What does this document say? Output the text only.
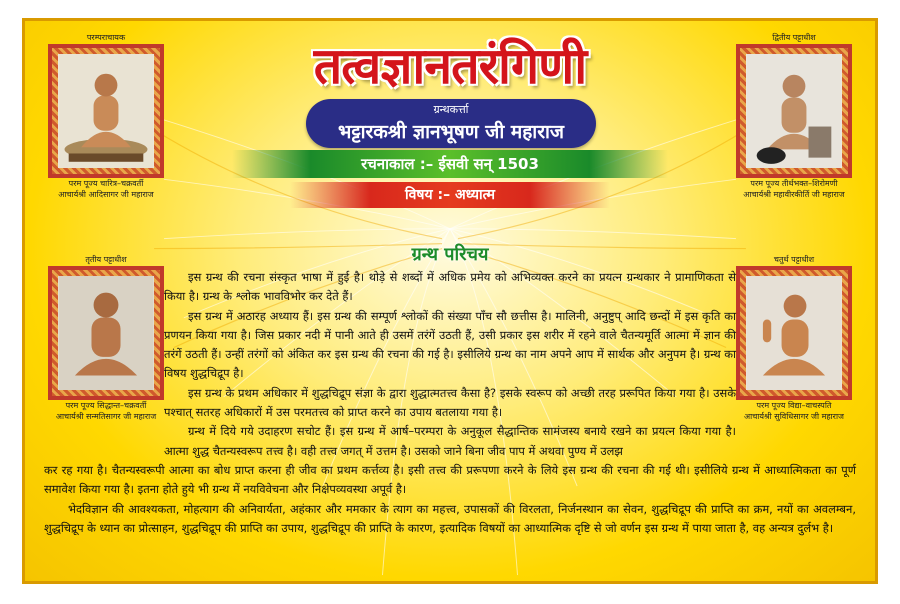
तत्वज्ञानतरंगिणी
ग्रन्थकर्त्ता
भट्टारकश्री ज्ञानभूषण जी महाराज
रचनाकाल :– ईसवी सन् 1503
विषय :– अध्यात्म
ग्रन्थ परिचय
परम्पराचायक
परम पूज्य चारित्र–चक्रवर्ती
आचार्यश्री आदिसागर जी महाराज
द्वितीय पट्टाधीश
परम पूज्य तीर्थभक्त–शिरोमणी
आचार्यश्री महावीरकीर्ति जी महाराज
तृतीय पट्टाधीश
परम पूज्य सिद्धान्त–चक्रवर्ती
आचार्यश्री सन्मतिसागर जी महाराज
चतुर्थ पट्टाधीश
परम पूज्य विद्या–वाचस्पति
आचार्यश्री सुविधिसागर जी महाराज

इस ग्रन्थ की रचना संस्कृत भाषा में हुई है। थोड़े से शब्दों में अधिक प्रमेय को अभिव्यक्त करने का प्रयत्न ग्रन्थकार ने प्रामाणिकता से किया है। ग्रन्थ के श्लोक भावविभोर कर देते हैं।

इस ग्रन्थ में अठारह अध्याय हैं। इस ग्रन्थ की सम्पूर्ण श्लोकों की संख्या पाँच सौ छत्तीस है। मालिनी, अनुष्टुप् आदि छन्दों में इस कृति का प्रणयन किया गया है। जिस प्रकार नदी में पानी आते ही उसमें तरंगें उठती हैं, उसी प्रकार इस शरीर में रहने वाले चैतन्यमूर्ति आत्मा में ज्ञान की तरंगें उठती हैं। उन्हीं तरंगों को अंकित कर इस ग्रन्थ की रचना की गई है। इसीलिये ग्रन्थ का नाम अपने आप में सार्थक और अनुपम है। ग्रन्थ का विषय शुद्धचिद्रूप है।

इस ग्रन्थ के प्रथम अधिकार में शुद्धचिद्रूप संज्ञा के द्वारा शुद्धात्मतत्त्व कैसा है? इसके स्वरूप को अच्छी तरह प्ररूपित किया गया है। उसके पश्चात् सतरह अधिकारों में उस परमतत्त्व को प्राप्त करने का उपाय बतलाया गया है।

ग्रन्थ में दिये गये उदाहरण सचोट हैं। इस ग्रन्थ में आर्ष–परम्परा के अनुकूल सैद्धान्तिक सामंजस्य बनाये रखने का प्रयत्न किया गया है। आत्मा शुद्ध चैतन्यस्वरूप तत्त्व है। वही तत्त्व जगत् में उत्तम है। उसको जाने बिना जीव पाप में अथवा पुण्य में उलझ

कर रह गया है। चैतन्यस्वरूपी आत्मा का बोध प्राप्त करना ही जीव का प्रथम कर्त्तव्य है। इसी तत्त्व की प्ररूपणा करने के लिये इस ग्रन्थ की रचना की गई थी। इसीलिये ग्रन्थ में आध्यात्मिकता का पूर्ण समावेश किया गया है। इतना होते हुये भी ग्रन्थ में नयविवेचना और निक्षेपव्यवस्था अपूर्व है।

भेदविज्ञान की आवश्यकता, मोहत्याग की अनिवार्यता, अहंकार और ममकार के त्याग का महत्त्व, उपासकों की विरलता, निर्जनस्थान का सेवन, शुद्धचिद्रूप की प्राप्ति का क्रम, नयों का अवलम्बन, शुद्धचिद्रूप के ध्यान का प्रोत्साहन, शुद्धचिद्रूप की प्राप्ति का उपाय, शुद्धचिद्रूप की प्राप्ति के कारण, इत्यादिक विषयों का आध्यात्मिक दृष्टि से जो वर्णन इस ग्रन्थ में पाया जाता है, वह अन्यत्र दुर्लभ है।
